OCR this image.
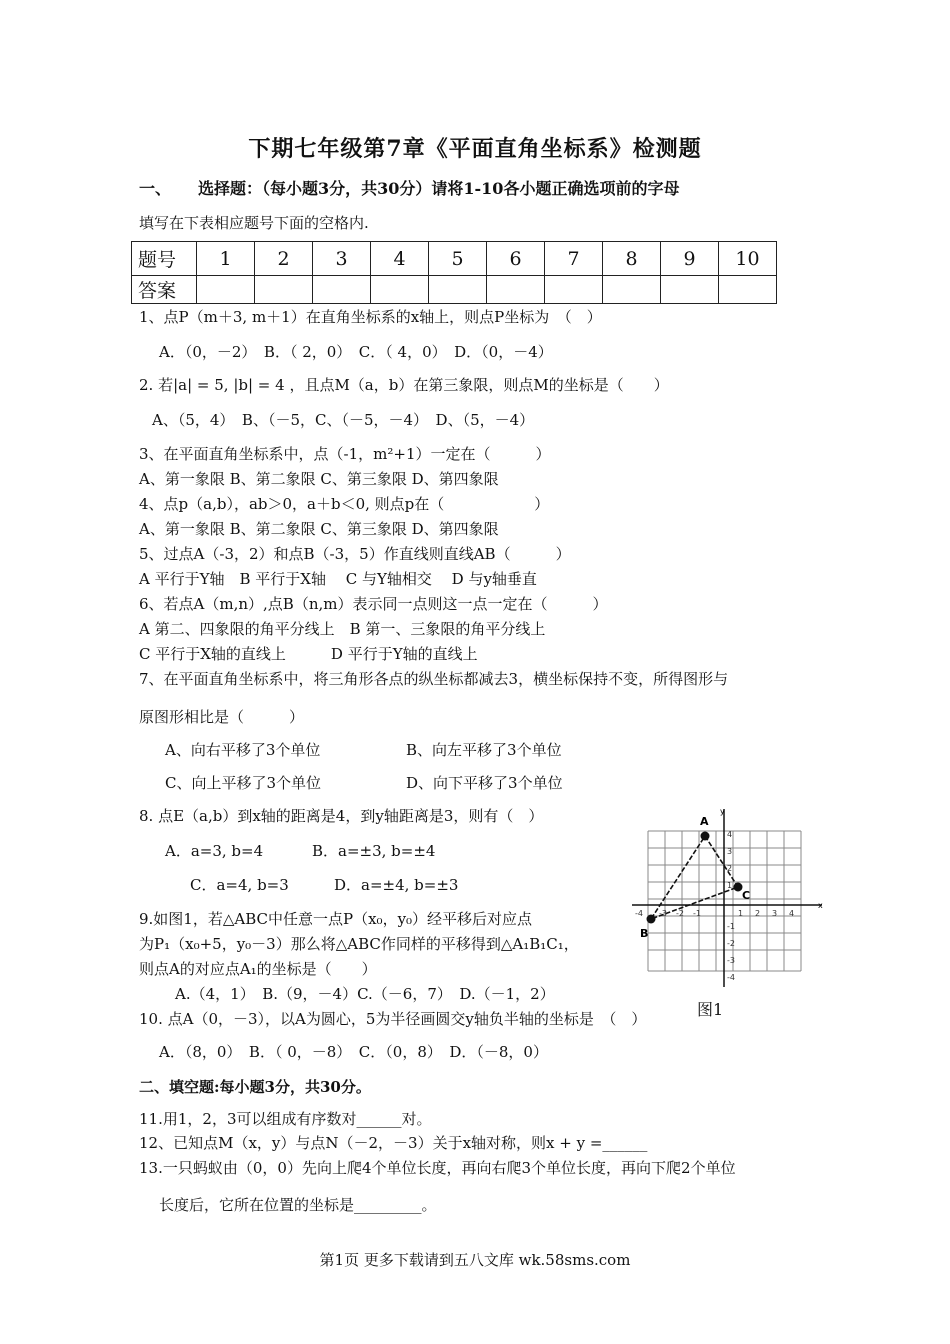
下期七年级第7章《平面直角坐标系》检测题
一、 选择题：（每小题3分，共30分）请将1-10各小题正确选项前的字母
填写在下表相应题号下面的空格内.
题号	1	2	3	4	5	6	7	8	9	10
答案										
1、点P（m＋3, m＋1）在直角坐标系的x轴上，则点P坐标为　（　）
A．（0，－2）　B．（ 2，0）　C．（ 4，0）　D．（0，－4）
2. 若|a| = 5, |b| = 4 ，且点M（a，b）在第三象限，则点M的坐标是（　　）
A、（5，4）　B、（－5，C、（－5，－4）　D、（5，－4）
3、在平面直角坐标系中，点（-1，m²+1）一定在（　　　）
A、第一象限 B、第二象限 C、第三象限 D、第四象限
4、点p（a,b），ab＞0，a＋b＜0, 则点p在（　　　　　　）
A、第一象限 B、第二象限 C、第三象限 D、第四象限
5、过点A（-3，2）和点B（-3，5）作直线则直线AB（　　　）
A 平行于Y轴　B 平行于X轴　 C 与Y轴相交　 D 与y轴垂直
6、若点A（m,n）,点B（n,m）表示同一点则这一点一定在（　　　）
A 第二、四象限的角平分线上　B 第一、三象限的角平分线上
C 平行于X轴的直线上　　　D 平行于Y轴的直线上
7、在平面直角坐标系中，将三角形各点的纵坐标都减去3，横坐标保持不变，所得图形与
原图形相比是（　　　）
A、向右平移了3个单位	B、向左平移了3个单位
C、向上平移了3个单位	D、向下平移了3个单位
8. 点E（a,b）到x轴的距离是4，到y轴距离是3，则有（　）
A．a=3, b=4	B．a=±3, b=±4
C．a=4, b=3	D．a=±4, b=±3
9.如图1，若△ABC中任意一点P（x₀，y₀）经平移后对应点
为P₁（x₀+5，y₀－3）那么将△ABC作同样的平移得到△A₁B₁C₁，
则点A的对应点A₁的坐标是（　　）
A.（4，1）　B.（9，－4）C.（－6，7）　D.（－1，2）
10. 点A（0，－3），以A为圆心，5为半径画圆交y轴负半轴的坐标是　（　）
A．（8，0）　B．（ 0，－8）　C．（0，8）　D．（－8，0）
A
C
B
x
y
-4 -3 -2 -1	1 2 3 4
4
3
2
1
-1
-2
-3
-4
图1
二、填空题:每小题3分，共30分。
11.用1，2，3可以组成有序数对______对。
12、已知点M（x，y）与点N（－2，－3）关于x轴对称，则x + y =______
13.一只蚂蚁由（0，0）先向上爬4个单位长度，再向右爬3个单位长度，再向下爬2个单位
长度后，它所在位置的坐标是_________。
第1页 更多下载请到五八文库 wk.58sms.com
